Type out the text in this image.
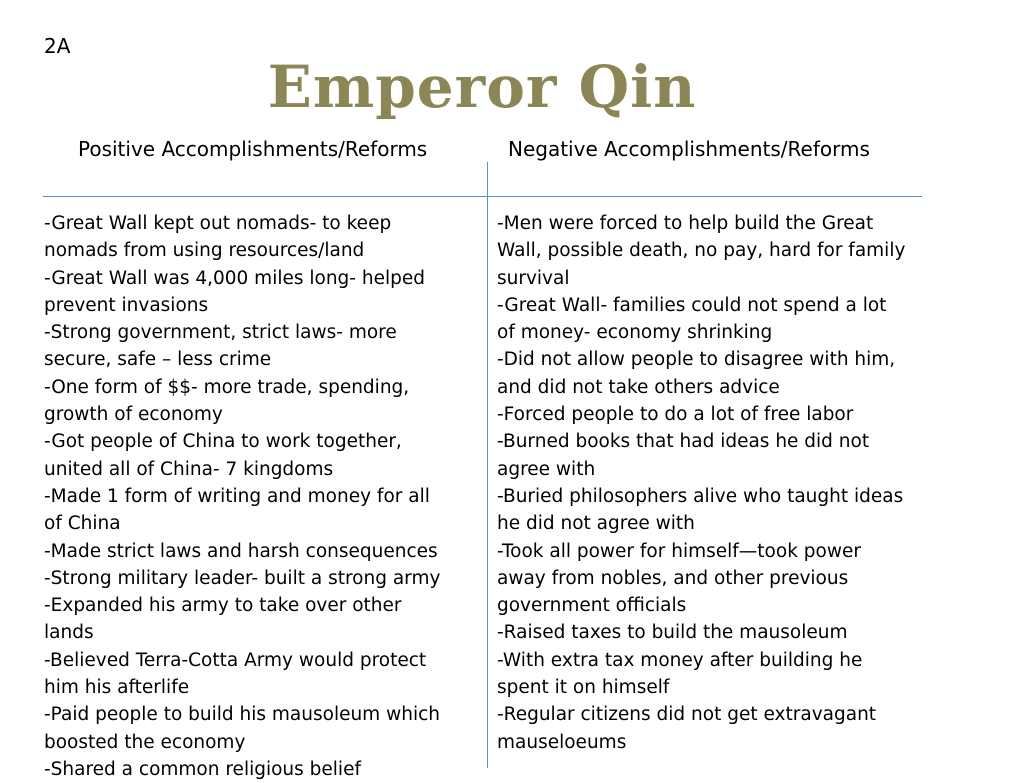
2A
Emperor Qin
Positive Accomplishments/Reforms	Negative Accomplishments/Reforms
-Great Wall kept out nomads- to keep
nomads from using resources/land
-Great Wall was 4,000 miles long- helped
prevent invasions
-Strong government, strict laws- more
secure, safe – less crime
-One form of $$- more trade, spending,
growth of economy
-Got people of China to work together,
united all of China- 7 kingdoms
-Made 1 form of writing and money for all
of China
-Made strict laws and harsh consequences
-Strong military leader- built a strong army
-Expanded his army to take over other
lands
-Believed Terra-Cotta Army would protect
him his afterlife
-Paid people to build his mausoleum which
boosted the economy
-Shared a common religious belief
-Men were forced to help build the Great
Wall, possible death, no pay, hard for family
survival
-Great Wall- families could not spend a lot
of money- economy shrinking
-Did not allow people to disagree with him,
and did not take others advice
-Forced people to do a lot of free labor
-Burned books that had ideas he did not
agree with
-Buried philosophers alive who taught ideas
he did not agree with
-Took all power for himself—took power
away from nobles, and other previous
government officials
-Raised taxes to build the mausoleum
-With extra tax money after building he
spent it on himself
-Regular citizens did not get extravagant
mauseloeums
